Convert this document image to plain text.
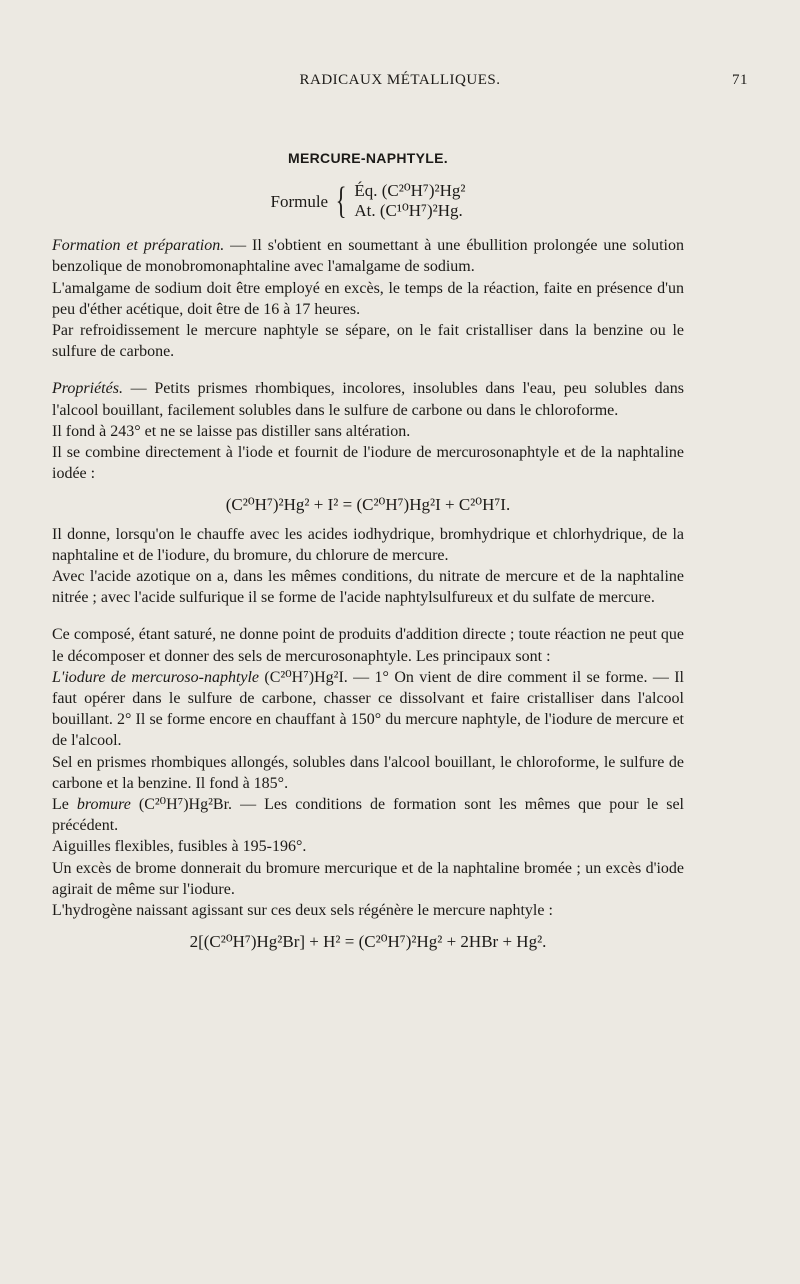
RADICAUX MÉTALLIQUES.	71
MERCURE-NAPHTYLE.
Formule { Éq. (C²⁰H⁷)²Hg²
At. (C¹⁰H⁷)²Hg.

Formation et préparation. — Il s'obtient en soumettant à une ébullition prolongée une solution benzolique de monobromonaphtaline avec l'amalgame de sodium.

L'amalgame de sodium doit être employé en excès, le temps de la réaction, faite en présence d'un peu d'éther acétique, doit être de 16 à 17 heures.

Par refroidissement le mercure naphtyle se sépare, on le fait cristalliser dans la benzine ou le sulfure de carbone.

Propriétés. — Petits prismes rhombiques, incolores, insolubles dans l'eau, peu solubles dans l'alcool bouillant, facilement solubles dans le sulfure de carbone ou dans le chloroforme.

Il fond à 243° et ne se laisse pas distiller sans altération.

Il se combine directement à l'iode et fournit de l'iodure de mercurosonaphtyle et de la naphtaline iodée :

(C²⁰H⁷)²Hg² + I² = (C²⁰H⁷)Hg²I + C²⁰H⁷I.

Il donne, lorsqu'on le chauffe avec les acides iodhydrique, bromhydrique et chlorhydrique, de la naphtaline et de l'iodure, du bromure, du chlorure de mercure.

Avec l'acide azotique on a, dans les mêmes conditions, du nitrate de mercure et de la naphtaline nitrée ; avec l'acide sulfurique il se forme de l'acide naphtylsulfureux et du sulfate de mercure.

Ce composé, étant saturé, ne donne point de produits d'addition directe ; toute réaction ne peut que le décomposer et donner des sels de mercurosonaphtyle. Les principaux sont :

L'iodure de mercuroso-naphtyle (C²⁰H⁷)Hg²I. — 1° On vient de dire comment il se forme. — Il faut opérer dans le sulfure de carbone, chasser ce dissolvant et faire cristalliser dans l'alcool bouillant. 2° Il se forme encore en chauffant à 150° du mercure naphtyle, de l'iodure de mercure et de l'alcool.

Sel en prismes rhombiques allongés, solubles dans l'alcool bouillant, le chloroforme, le sulfure de carbone et la benzine. Il fond à 185°.

Le bromure (C²⁰H⁷)Hg²Br. — Les conditions de formation sont les mêmes que pour le sel précédent.

Aiguilles flexibles, fusibles à 195-196°.

Un excès de brome donnerait du bromure mercurique et de la naphtaline bromée ; un excès d'iode agirait de même sur l'iodure.

L'hydrogène naissant agissant sur ces deux sels régénère le mercure naphtyle :

2[(C²⁰H⁷)Hg²Br] + H² = (C²⁰H⁷)²Hg² + 2HBr + Hg².
